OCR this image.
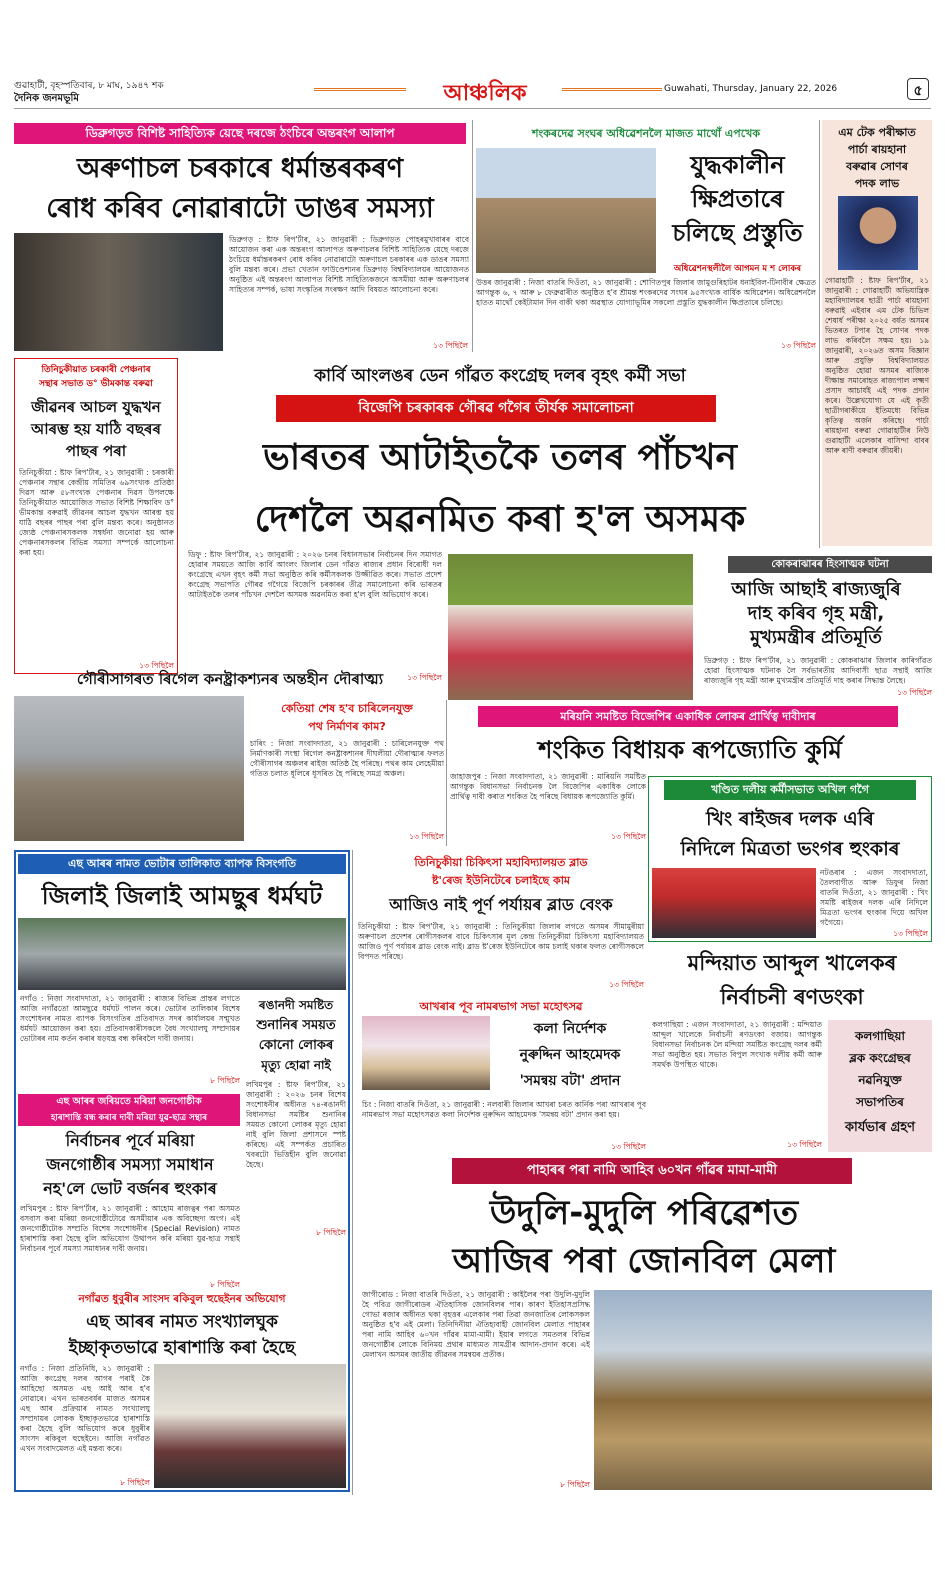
গুৱাহাটী, বৃহস্পতিবাৰ, ৮ মাঘ, ১৯৪৭ শক
দৈনিক জনমভূমি	আঞ্চলিক	Guwahati, Thursday, January 22, 2026	৫
ডিব্ৰুগড়ত বিশিষ্ট সাহিত্যিক য়েছে দৰজে ঠংচিৰে অন্তৰংগ আলাপ
অৰুণাচল চৰকাৰে ধৰ্মান্তৰকৰণ
ৰোধ কৰিব নোৱাৰাটো ডাঙৰ সমস্যা
ডিব্ৰুগড় : ষ্টাফ ৰিপ'ৰ্টাৰ, ২১ জানুৱাৰী : ডিব্ৰুগড়ত পোহৰমুখাবাৰৰ বাবে আয়োজন কৰা এক অন্তৰংগ আলাপত অৰুণাচলৰ বিশিষ্ট সাহিত্যিক য়েছে দৰজে ঠংচিয়ে ধৰ্মান্তৰকৰণ ৰোধ কৰিব নোৱাৰাটো অৰুণাচল চৰকাৰৰ এক ডাঙৰ সমস্যা বুলি মন্তব্য কৰে। প্ৰভা খেতান ফাউণ্ডেশ্যনৰ ডিব্ৰুগড় বিশ্ববিদ্যালয়ৰ আয়োজনত অনুষ্ঠিত এই অন্তৰংগ আলাপত বিশিষ্ট সাহিত্যিকজনে অসমীয়া আৰু অৰুণাচলৰ সাহিত্যৰ সম্পৰ্ক, ভাষা সংস্কৃতিৰ সংৰক্ষণ আদি বিষয়ত আলোচনা কৰে।
১৩ পিছিলৈ
শংকৰদেৱ সংঘৰ অধিৱেশনলৈ মাজত মাথোঁ এপখেক
যুদ্ধকালীন
ক্ষিপ্ৰতাৰে
চলিছে প্ৰস্তুতি
অধিৱেশনস্থলীলৈ আগমন ম শ লোকৰ
উত্তৰ জানুৱাৰী : নিজা বাতৰি দিওঁতা, ২১ জানুৱাৰী : শোণিতপুৰ জিলাৰ জামুগুৰিহাটৰ ধনাইবিল-টিনাবীৰ ক্ষেত্ৰত আগন্তুক ৬, ৭ আৰু ৮ ফেব্ৰুৱাৰীত অনুষ্ঠিত হ'ব শ্ৰীমন্ত শংকৰদেৱ সংঘৰ ৯৫সংখ্যক বাৰ্ষিক অধিৱেশন। অধিৱেশনলৈ হাতত মাথোঁ কেইটামান দিন বাকী থকা অৱস্থাত যোগ্যাভূমিৰ সকলো প্ৰস্তুতি যুদ্ধকালীন ক্ষিপ্ৰতাৰে চলিছে।
১৩ পিছিলৈ
এম টেক পৰীক্ষাত
পাৰ্চা ৰায়হানা
বৰুৱাৰ সোণৰ
পদক লাভ
গোৱাহাটী : ষ্টাফ ৰিপ'ৰ্টাৰ, ২১ জানুৱাৰী : গোৱাহাটী অভিযান্ত্ৰিক মহাবিদ্যালয়ৰ ছাত্ৰী পাৰ্চা ৰায়হানা বৰুৱাই এইবাৰ এম টেক চিভিল শেষাৰ্ধ পৰীক্ষা ২০২৫ বৰ্ষত অসমৰ ভিতৰত টপাৰ হৈ সোণৰ পদক লাভ কৰিবলৈ সক্ষম হয়। ১৯ জানুৱাৰী, ২০২৬ত অসম বিজ্ঞান আৰু প্ৰযুক্তি বিশ্ববিদ্যালয়ত অনুষ্ঠিত হোৱা অসমৰ ৰাজ্যিক দীক্ষান্ত সমাৰোহত ৰাজ্যপাল লক্ষ্মণ প্ৰসাদ আচাৰ্যই এই পদক প্ৰদান কৰে। উল্লেখযোগ্য যে এই কৃতী ছাত্ৰীগৰাকীয়ে ইতিমধ্যে বিভিন্ন কৃতিত্ব অৰ্জন কৰিছে। পাৰ্চা ৰায়হানা বৰুৱা গোৱাহাটীৰ নিউ গুৱাহাটী এলেকাৰ বাসিন্দা বাবৰ আৰু ৰাণী বৰুৱাৰ জীয়ৰী।
তিনিচুকীয়াত চৰকাৰী পেঞ্চনাৰ
সন্থাৰ সভাত ড° ভীমকান্ত বৰুৱা
জীৱনৰ আচল যুদ্ধখন
আৰম্ভ হয় যাঠি বছৰৰ
পাছৰ পৰা
তিনিচুকীয়া : ষ্টাফ ৰিপ'ৰ্টাৰ, ২১ জানুৱাৰী : চৰকাৰী পেঞ্চনাৰ সন্থাৰ কেন্দ্ৰীয় সমিতিৰ ৬৯সংখ্যক প্ৰতিষ্ঠা দিৱস আৰু ৫৮সংখ্যক পেঞ্চনাৰ দিৱস উপলক্ষে তিনিচুকীয়াত আয়োজিত সভাত বিশিষ্ট শিক্ষাবিদ ড° ভীমকান্ত বৰুৱাই জীৱনৰ আচল যুদ্ধখন আৰম্ভ হয় যাঠি বছৰৰ পাছৰ পৰা বুলি মন্তব্য কৰে। অনুষ্ঠানত জ্যেষ্ঠ পেঞ্চনাৰসকলক সম্বৰ্ধনা জনোৱা হয় আৰু পেঞ্চনাৰসকলৰ বিভিন্ন সমস্যা সম্পৰ্কে আলোচনা কৰা হয়।
১৩ পিছিলৈ
কাৰ্বি আংলঙৰ ডেন গাঁৱত কংগ্ৰেছ দলৰ বৃহৎ কৰ্মী সভা
বিজেপি চৰকাৰক গৌৰৱ গগৈৰ তীৰ্যক সমালোচনা
ভাৰতৰ আটাইতকৈ তলৰ পাঁচখন
দেশলৈ অৱনমিত কৰা হ'ল অসমক
ডিফু : ষ্টাফ ৰিপ'ৰ্টাৰ, ২১ জানুৱাৰী : ২০২৬ চনৰ বিধানসভাৰ নিৰ্বাচনৰ দিন সমাগত হোৱাৰ সময়তে আজি কাৰ্বি আংলং জিলাৰ ডেন গাঁৱত ৰাজ্যৰ প্ৰধান বিৰোধী দল কংগ্ৰেছে এখন বৃহৎ কৰ্মী সভা অনুষ্ঠিত কৰি কৰ্মীসকলক উজ্জীৱিত কৰে। সভাত প্ৰদেশ কংগ্ৰেছ সভাপতি গৌৰৱ গগৈয়ে বিজেপি চৰকাৰৰ তীব্ৰ সমালোচনা কৰি ভাৰতৰ আটাইতকৈ তলৰ পাঁচখন দেশলৈ অসমক অৱনমিত কৰা হ'ল বুলি অভিযোগ কৰে।
১৩ পিছিলৈ
কোকৰাঝাৰৰ হিংসাত্মক ঘটনা
আজি আছাই ৰাজ্যজুৰি
দাহ কৰিব গৃহ মন্ত্ৰী,
মুখ্যমন্ত্ৰীৰ প্ৰতিমূৰ্তি
ডিব্ৰুগড় : ষ্টাফ ৰিপ'ৰ্টাৰ, ২১ জানুৱাৰী : কোকৰাঝাৰ জিলাৰ কাৰিগাঁৱত হোৱা হিংসাত্মক ঘটনাক লৈ সৰ্বভাৰতীয় আদিবাসী ছাত্ৰ সন্থাই আজি ৰাজ্যজুৰি গৃহ মন্ত্ৰী আৰু মুখ্যমন্ত্ৰীৰ প্ৰতিমূৰ্তি দাহ কৰাৰ সিদ্ধান্ত লৈছে।
১৩ পিছিলৈ
গৌৰীসাগৰত ৰিগেল কনষ্ট্ৰাকশ্যনৰ অন্তহীন দৌৰাত্ম্য
কেতিয়া শেষ হ'ব চাৰিলেনযুক্ত
পথ নিৰ্মাণৰ কাম?
চাৰিং : নিজা সংবাদদাতা, ২১ জানুৱাৰী : চাৰিলেনযুক্ত পথ নিৰ্মাণকাৰী সংস্থা ৰিগেল কনষ্ট্ৰাকশ্যনৰ দীঘলীয়া দৌৰাত্ম্যৰ ফলত গৌৰীসাগৰ অঞ্চলৰ ৰাইজ অতিষ্ঠ হৈ পৰিছে। পথৰ কাম লেহেমীয়া গতিত চলাত ধূলিৰে ধূসৰিত হৈ পৰিছে সমগ্ৰ অঞ্চল।
১৩ পিছিলৈ
মৰিয়নি সমষ্টিত বিজেপিৰ একাধিক লোকৰ প্ৰাৰ্থিত্ব দাবীদাৰ
শংকিত বিধায়ক ৰূপজ্যোতি কুৰ্মি
জাহাজপুৰ : নিজা সংবাদদাতা, ২১ জানুৱাৰী : মাৰিয়নি সমষ্টিত আগন্তুক বিধানসভা নিৰ্বাচনক লৈ বিজেপিৰ একাধিক লোকে প্ৰাৰ্থিত্ব দাবী কৰাত শংকিত হৈ পৰিছে বিধায়ক ৰূপজ্যোতি কুৰ্মি।
১৩ পিছিলৈ
খণ্ডিত দলীয় কৰ্মীসভাত অখিল গগৈ
খিং ৰাইজৰ দলক এৰি
নিদিলে মিত্ৰতা ভংগৰ হুংকাৰ
নটঙৰাৰ : এজন সংবাদদাতা, তৈলবাগীত আৰু ডিফুৰ নিজা বাতৰি দিওঁতা, ২১ জানুৱাৰী : খিং সমষ্টি ৰাইজৰ দলক এৰি নিদিলে মিত্ৰতা ভংগৰ হুংকাৰ দিয়ে অখিল গগৈয়ে।
১৩ পিছিলৈ
এছ আৰৰ নামত ভোটাৰ তালিকাত ব্যাপক বিসংগতি
জিলাই জিলাই আমছুৰ ধৰ্মঘট
নগাঁও : নিজা সংবাদদাতা, ২১ জানুৱাৰী : ৰাজ্যৰ বিভিন্ন প্ৰান্তৰ লগতে আজি নগাঁৱতো আমছুৱে ধৰ্মঘট পালন কৰে। ভোটাৰ তালিকাৰ বিশেষ সংশোধনৰ নামত ব্যাপক বিসংগতিৰ প্ৰতিবাদত সদৰ কাৰ্যালয়ৰ সন্মুখত ধৰ্মঘট আয়োজন কৰা হয়। প্ৰতিবাদকাৰীসকলে বৈধ সংখ্যালঘু সম্প্ৰদায়ৰ ভোটাৰৰ নাম কৰ্তন কৰাৰ ষড়যন্ত্ৰ বন্ধ কৰিবলৈ দাবী জনায়।
৮ পিছিলৈ
ৰঙানদী সমষ্টিত
শুনানিৰ সময়ত
কোনো লোকৰ
মৃত্যু হোৱা নাই
লখিমপুৰ : ষ্টাফ ৰিপ'ৰ্টাৰ, ২১ জানুৱাৰী : ২০২৬ চনৰ বিশেষ সংশোধনীৰ অধীনত ৭৪-ৰঙানদী বিধানসভা সমষ্টিৰ শুনানিৰ সময়ত কোনো লোকৰ মৃত্যু হোৱা নাই বুলি জিলা প্ৰশাসনে স্পষ্ট কৰিছে। এই সম্পৰ্কত প্ৰচাৰিত খবৰটো ভিত্তিহীন বুলি জনোৱা হৈছে।
৮ পিছিলৈ
এছ আৰৰ জৰিয়তে মৰিয়া জনগোষ্ঠীক
হাৰাশাস্তি বন্ধ কৰাৰ দাবী মৰিয়া যুৱ-ছাত্ৰ সন্থাৰ
নিৰ্বাচনৰ পূৰ্বে মৰিয়া
জনগোষ্ঠীৰ সমস্যা সমাধান
নহ'লে ভোট বৰ্জনৰ হুংকাৰ
লখিমপুৰ : ষ্টাফ ৰিপ'ৰ্টাৰ, ২১ জানুৱাৰী : আহোম ৰাজত্বৰ পৰা অসমত বসবাস কৰা মৰিয়া জনগোষ্ঠীটোৱে অসমীয়াৰ এক অবিচ্ছেদ্য অংগ। এই জনগোষ্ঠীটোক সম্প্ৰতি বিশেষ সংশোধনীৰ (Special Revision) নামত হাৰাশাস্তি কৰা হৈছে বুলি অভিযোগ উত্থাপন কৰি মৰিয়া যুৱ-ছাত্ৰ সন্থাই নিৰ্বাচনৰ পূৰ্বে সমস্যা সমাধানৰ দাবী জনায়।
৮ পিছিলৈ
নগাঁৱত ধুবুৰীৰ সাংসদ ৰকিবুল হুছেইনৰ অভিযোগ
এছ আৰৰ নামত সংখ্যালঘুক
ইচ্ছাকৃতভাৱে হাৰাশাস্তি কৰা হৈছে
নগাঁও : নিজা প্ৰতিনিধি, ২১ জানুৱাৰী : আজি কংগ্ৰেছ দলৰ আগৰ পৰাই কৈ আহিছো অসমত এছ আই আৰ হ'ব নোৱাৰে। এখন ভাৰতবৰ্ষৰ মাজত অসমৰ এছ আৰ প্ৰক্ৰিয়াৰ নামত সংখ্যালঘু সম্প্ৰদায়ৰ লোকক ইচ্ছাকৃতভাৱে হাৰাশাস্তি কৰা হৈছে বুলি অভিযোগ কৰে ধুবুৰীৰ সাংসদ ৰকিবুল হুছেইনে। আজি নগাঁৱত এখন সংবাদমেলত এই মন্তব্য কৰে।
৮ পিছিলৈ
তিনিচুকীয়া চিকিৎসা মহাবিদ্যালয়ত ব্লাড
ষ্ট'ৰেজ ইউনিটেৰে চলাইছে কাম
আজিও নাই পূৰ্ণ পৰ্যায়ৰ ব্লাড বেংক
তিনিচুকীয়া : ষ্টাফ ৰিপ'ৰ্টাৰ, ২১ জানুৱাৰী : তিনিচুকীয়া জিলাৰ লগতে অসমৰ সীমামুৰীয়া অৰুণাচল প্ৰদেশৰ ৰোগীসকলৰ বাবে চিকিৎসাৰ মূল কেন্দ্ৰ তিনিচুকীয়া চিকিৎসা মহাবিদ্যালয়ত আজিও পূৰ্ণ পৰ্যায়ৰ ব্লাড বেংক নাই। ব্লাড ষ্ট'ৰেজ ইউনিটেৰে কাম চলাই থকাৰ ফলত ৰোগীসকলে বিপদত পৰিছে।
১৩ পিছিলৈ
আখৰাৰ পূব নামৰভাগ সভা মহোৎসৱ
কলা নিৰ্দেশক
নুৰুদ্দিন আহমেদক
'সমন্বয় বটা' প্ৰদান
চিং : নিজা বাতৰি দিওঁতা, ২১ জানুৱাৰী : নলবাৰী জিলাৰ আখৰা চৰত কাৰ্নিক পৰা আখৰাৰ পূব নামৰভাগ সভা মহোৎসৱত কলা নিৰ্দেশক নুৰুদ্দিন আহমেদক 'সমন্বয় বটা' প্ৰদান কৰা হয়।
১৩ পিছিলৈ
মন্দিয়াত আব্দুল খালেকৰ
নিৰ্বাচনী ৰণডংকা
কলগাছিয়া : এজন সংবাদদাতা, ২১ জানুৱাৰী : মন্দিয়াত আব্দুল খালেকে নিৰ্বাচনী ৰণডংকা বজায়। আগন্তুক বিধানসভা নিৰ্বাচনক লৈ মন্দিয়া সমষ্টিত কংগ্ৰেছ দলৰ কৰ্মী সভা অনুষ্ঠিত হয়। সভাত বিপুল সংখ্যক দলীয় কৰ্মী আৰু সমৰ্থক উপস্থিত থাকে।
১৩ পিছিলৈ
কলগাছিয়া
ব্লক কংগ্ৰেছৰ
নৱনিযুক্ত
সভাপতিৰ
কাৰ্যভাৰ গ্ৰহণ
পাহাৰৰ পৰা নামি আহিব ৬০খন গাঁৱৰ মামা-মামী
উদুলি-মুদুলি পৰিৱেশত
আজিৰ পৰা জোনবিল মেলা
জাগীৰোড : নিজা বাতৰি দিওঁতা, ২১ জানুৱাৰী : কাইলৈৰ পৰা উদুলি-মুদুলি হৈ পবিত্ৰ জাগীৰোডৰ ঐতিহাসিক জোনবিলৰ পাৰ। কাৰণ ইতিহাসপ্ৰসিদ্ধ গোভা ৰজাৰ অধীনত থকা বৃহত্তৰ এলেকাৰ পৰা তিৱা জনজাতিৰ লোকসকল অনুষ্ঠিত হ'ব এই মেলা। তিনিদিনীয়া ঐতিহ্যবাহী জোনবিল মেলাত পাহাৰৰ পৰা নামি আহিব ৬০খন গাঁৱৰ মামা-মামী। ইয়াৰ লগতে সমতলৰ বিভিন্ন জনগোষ্ঠীৰ লোকে বিনিময় প্ৰথাৰ মাধ্যমত সামগ্ৰীৰ আদান-প্ৰদান কৰে। এই মেলাখন অসমৰ জাতীয় জীৱনৰ সমন্বয়ৰ প্ৰতীক।
৮ পিছিলৈ
